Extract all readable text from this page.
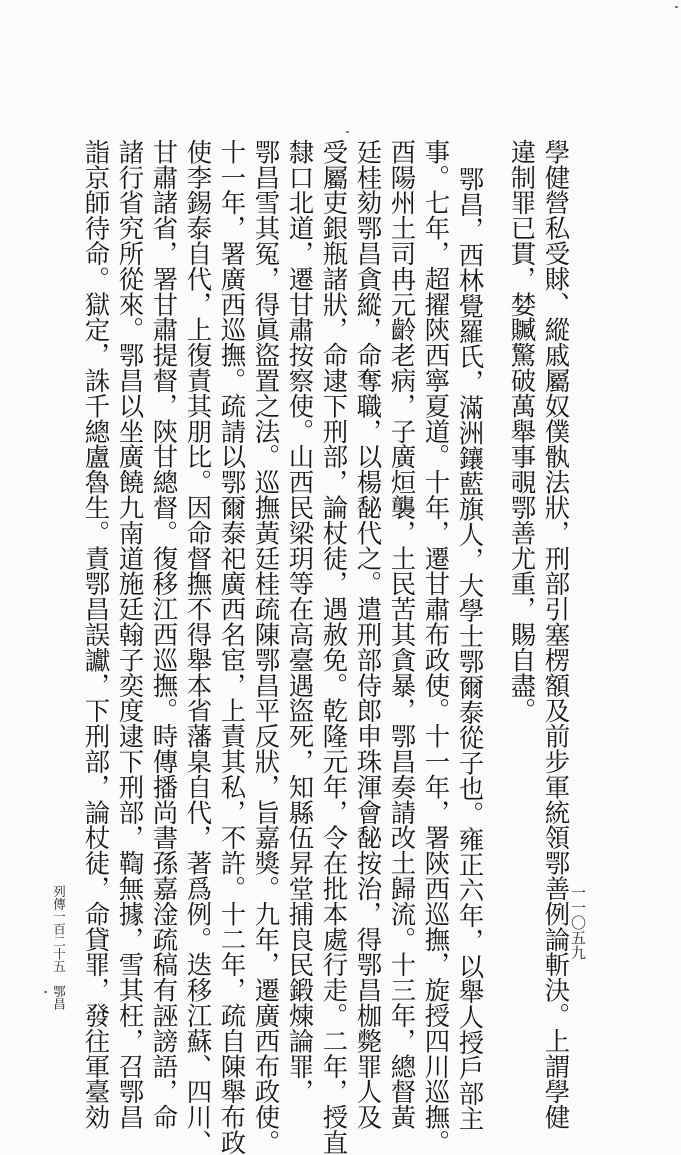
學健營私受賕、縱戚屬奴僕骫法狀，刑部引塞楞額及前步軍統領鄂善例論斬決。上謂學健
違制罪已貫，婪贓驚破萬舉事覗鄂善尤重，賜自盡。
鄂昌，西林覺羅氏，滿洲鑲藍旗人，大學士鄂爾泰從子也。雍正六年，以舉人授戶部主
事。七年，超擢陝西寧夏道。十年，遷甘肅布政使。十一年，署陝西巡撫，旋授四川巡撫。
酉陽州土司冉元齡老病，子廣烜襲，土民苦其貪暴，鄂昌奏請改土歸流。十三年，總督黃
廷桂劾鄂昌貪縱，命奪職，以楊馝代之。遣刑部侍郎申珠渾會馝按治，得鄂昌枷斃罪人及
受屬吏銀瓶諸狀，命逮下刑部，論杖徒，遇赦免。乾隆元年，令在批本處行走。二年，授直
隸口北道，遷甘肅按察使。山西民梁玥等在高臺遇盜死，知縣伍昇堂捕良民鍛煉論罪，
鄂昌雪其冤，得眞盜置之法。巡撫黃廷桂疏陳鄂昌平反狀，旨嘉獎。九年，遷廣西布政使。
十一年，署廣西巡撫。疏請以鄂爾泰祀廣西名宦，上責其私，不許。十二年，疏自陳舉布政
使李錫泰自代，上復責其朋比。因命督撫不得舉本省藩臬自代，著爲例。迭移江蘇、四川、
甘肅諸省，署甘肅提督，陝甘總督。復移江西巡撫。時傳播尚書孫嘉淦疏稿有誣謗語，命
諸行省究所從來。鄂昌以坐廣饒九南道施廷翰子奕度逮下刑部，鞫無據，雪其枉，召鄂昌
詣京師待命。獄定，誅千總盧魯生。責鄂昌誤讞，下刑部，論杖徒，命貸罪，發往軍臺効	一一〇五九
列傳一百二十五　鄂昌
